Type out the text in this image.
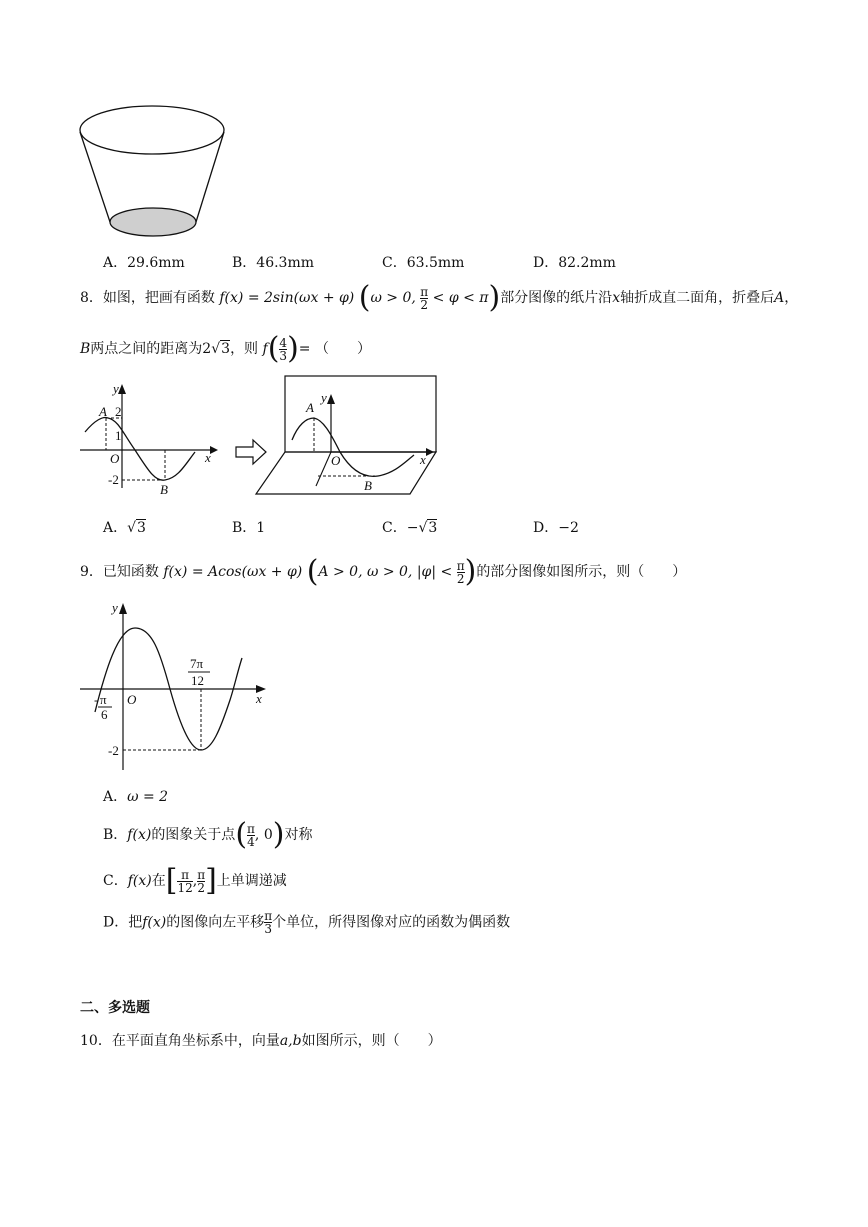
A．29.6mm	B．46.3mm	C．63.5mm	D．82.2mm
8．如图，把画有函数 f(x) = 2sin(ωx + φ) (ω > 0, $\frac{\pi}{2} < \varphi < \pi$)部分图像的纸片沿x轴折成直二面角，折叠后A，
B两点之间的距离为2√3，则 $f( \frac{4}{3}$ )= （　　）
y
A 2
1
O	x
-2
B
y
A
O	x
B
A．√3	B．1	C．−√3	D．−2
9．已知函数 f(x) = Acos(ωx + φ) (A > 0, ω > 0, $|\varphi| < \frac{\pi}{2}$ )的部分图像如图所示，则（　　）
y
O	x
- π
6
7π
12
-2
A．ω = 2
B．f(x)的图象关于点( $\frac{\pi}{4}$ , 0)对称
C．f(x)在[ $\frac{\pi}{12}$ , $\frac{\pi}{2}$ ]上单调递减
D．把f(x)的图像向左平移 $\frac{\pi}{3}$ 个单位，所得图像对应的函数为偶函数
二、多选题
10．在平面直角坐标系中，向量a,b如图所示，则（　　）
